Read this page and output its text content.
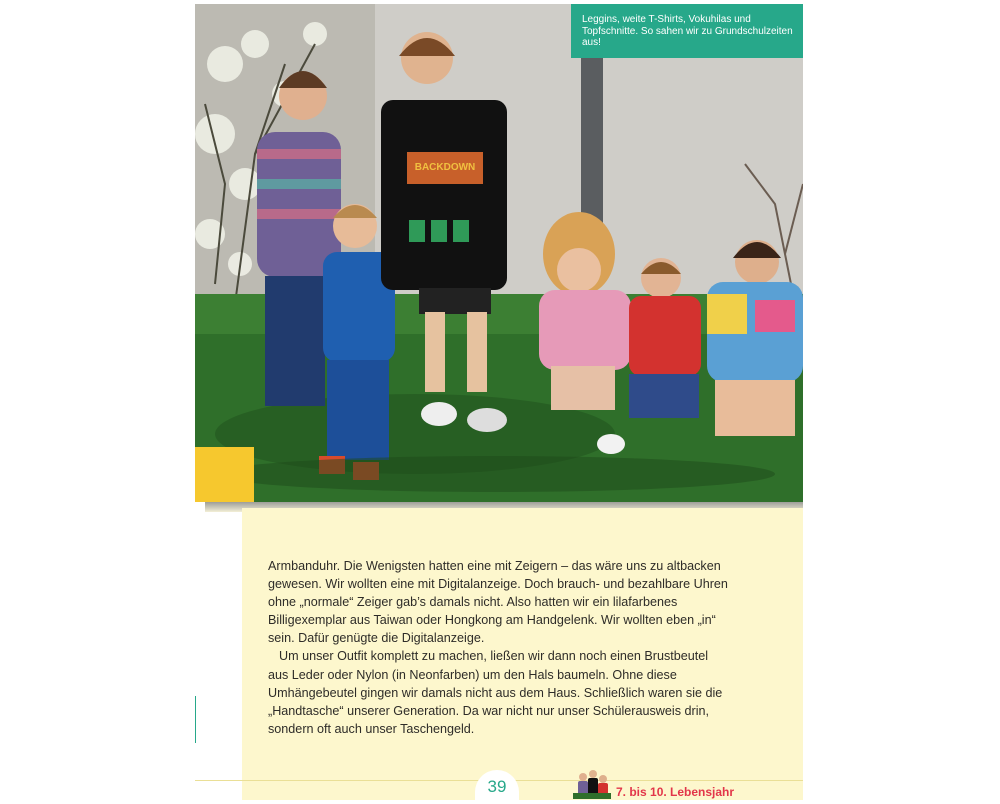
BACKDOWN
Leggins, weite T-Shirts, Vokuhilas und Topfschnitte. So sahen wir zu Grundschulzeiten aus!

Armbanduhr. Die Wenigsten hatten eine mit Zeigern – das wäre uns zu altbacken gewesen. Wir wollten eine mit Digitalanzeige. Doch brauch- und bezahlbare Uhren ohne „normale“ Zeiger gab’s damals nicht. Also hatten wir ein lilafarbenes Billigexemplar aus Taiwan oder Hongkong am Handgelenk. Wir wollten eben „in“ sein. Dafür genügte die Digitalanzeige.

Um unser Outfit komplett zu machen, ließen wir dann noch einen Brustbeutel aus Leder oder Nylon (in Neonfarben) um den Hals baumeln. Ohne diese Umhängebeutel gingen wir damals nicht aus dem Haus. Schließlich waren sie die „Handtasche“ unserer Generation. Da war nicht nur unser Schülerausweis drin, sondern oft auch unser Taschengeld.

39	7. bis 10. Lebensjahr
